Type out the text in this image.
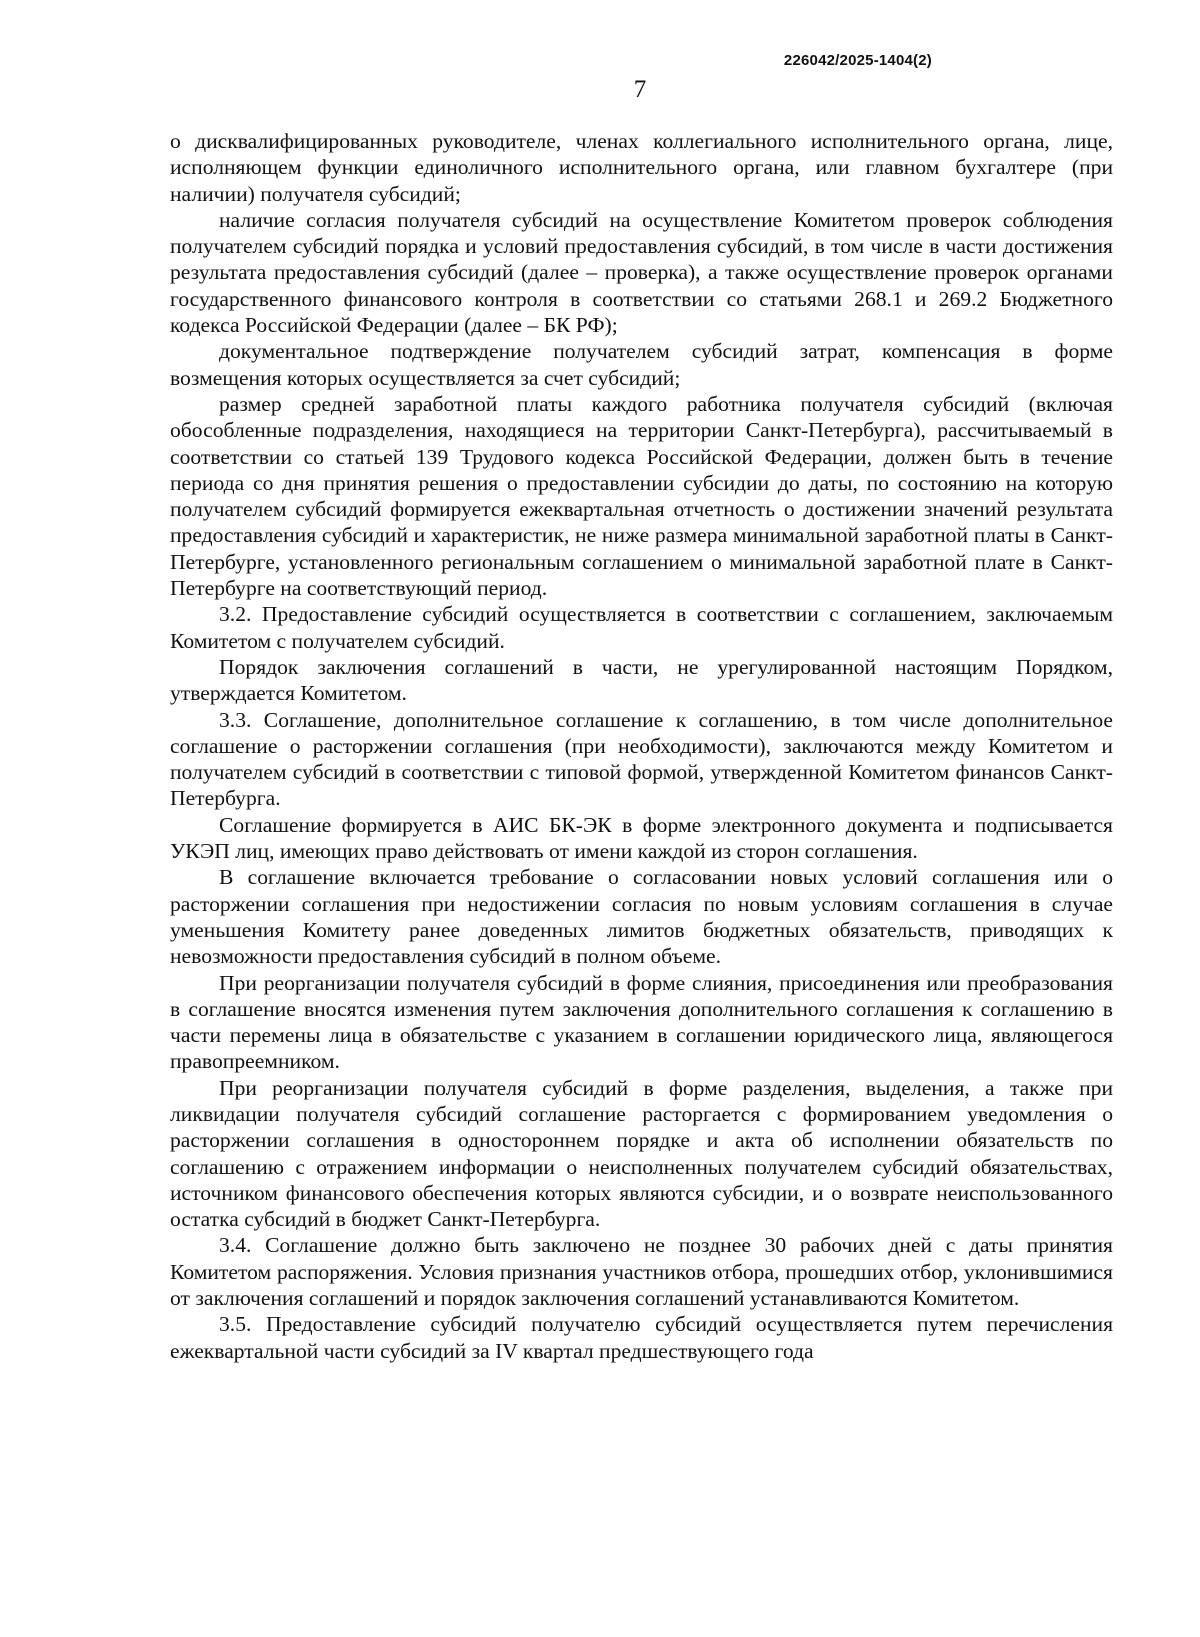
226042/2025-1404(2)
7

о дисквалифицированных руководителе, членах коллегиального исполнительного органа, лице, исполняющем функции единоличного исполнительного органа, или главном бухгалтере (при наличии) получателя субсидий;

наличие согласия получателя субсидий на осуществление Комитетом проверок соблюдения получателем субсидий порядка и условий предоставления субсидий, в том числе в части достижения результата предоставления субсидий (далее – проверка), а также осуществление проверок органами государственного финансового контроля в соответствии со статьями 268.1 и 269.2 Бюджетного кодекса Российской Федерации (далее – БК РФ);

документальное подтверждение получателем субсидий затрат, компенсация в форме возмещения которых осуществляется за счет субсидий;

размер средней заработной платы каждого работника получателя субсидий (включая обособленные подразделения, находящиеся на территории Санкт-Петербурга), рассчитываемый в соответствии со статьей 139 Трудового кодекса Российской Федерации, должен быть в течение периода со дня принятия решения о предоставлении субсидии до даты, по состоянию на которую получателем субсидий формируется ежеквартальная отчетность о достижении значений результата предоставления субсидий и характеристик, не ниже размера минимальной заработной платы в Санкт-Петербурге, установленного региональным соглашением о минимальной заработной плате в Санкт-Петербурге на соответствующий период.

3.2. Предоставление субсидий осуществляется в соответствии с соглашением, заключаемым Комитетом с получателем субсидий.

Порядок заключения соглашений в части, не урегулированной настоящим Порядком, утверждается Комитетом.

3.3. Соглашение, дополнительное соглашение к соглашению, в том числе дополнительное соглашение о расторжении соглашения (при необходимости), заключаются между Комитетом и получателем субсидий в соответствии с типовой формой, утвержденной Комитетом финансов Санкт-Петербурга.

Соглашение формируется в АИС БК-ЭК в форме электронного документа и подписывается УКЭП лиц, имеющих право действовать от имени каждой из сторон соглашения.

В соглашение включается требование о согласовании новых условий соглашения или о расторжении соглашения при недостижении согласия по новым условиям соглашения в случае уменьшения Комитету ранее доведенных лимитов бюджетных обязательств, приводящих к невозможности предоставления субсидий в полном объеме.

При реорганизации получателя субсидий в форме слияния, присоединения или преобразования в соглашение вносятся изменения путем заключения дополнительного соглашения к соглашению в части перемены лица в обязательстве с указанием в соглашении юридического лица, являющегося правопреемником.

При реорганизации получателя субсидий в форме разделения, выделения, а также при ликвидации получателя субсидий соглашение расторгается с формированием уведомления о расторжении соглашения в одностороннем порядке и акта об исполнении обязательств по соглашению с отражением информации о неисполненных получателем субсидий обязательствах, источником финансового обеспечения которых являются субсидии, и о возврате неиспользованного остатка субсидий в бюджет Санкт-Петербурга.

3.4. Соглашение должно быть заключено не позднее 30 рабочих дней с даты принятия Комитетом распоряжения. Условия признания участников отбора, прошедших отбор, уклонившимися от заключения соглашений и порядок заключения соглашений устанавливаются Комитетом.

3.5. Предоставление субсидий получателю субсидий осуществляется путем перечисления ежеквартальной части субсидий за IV квартал предшествующего года
